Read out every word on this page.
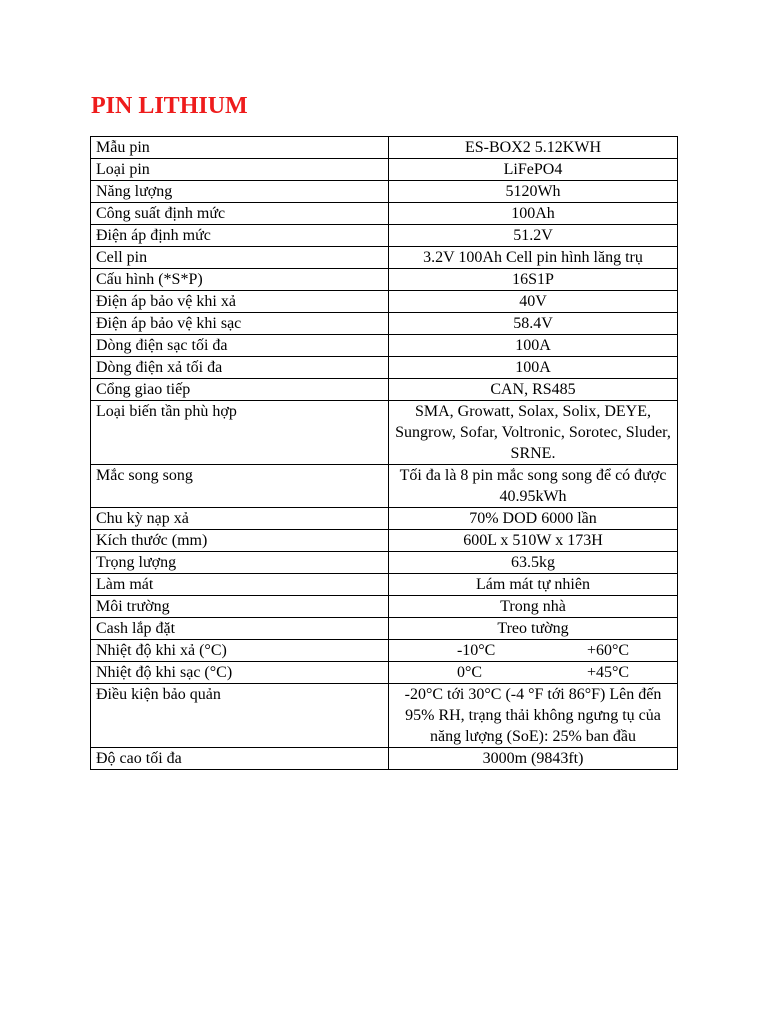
PIN LITHIUM
Mẫu pin	ES-BOX2 5.12KWH
Loại pin	LiFePO4
Năng lượng	5120Wh
Công suất định mức	100Ah
Điện áp định mức	51.2V
Cell pin	3.2V 100Ah Cell pin hình lăng trụ
Cấu hình (*S*P)	16S1P
Điện áp bảo vệ khi xả	40V
Điện áp bảo vệ khi sạc	58.4V
Dòng điện sạc tối đa	100A
Dòng điện xả tối đa	100A
Cổng giao tiếp	CAN, RS485
Loại biến tần phù hợp	SMA, Growatt, Solax, Solix, DEYE, Sungrow, Sofar, Voltronic, Sorotec, Sluder, SRNE.
Mắc song song	Tối đa là 8 pin mắc song song để có được 40.95kWh
Chu kỳ nạp xả	70% DOD 6000 lần
Kích thước (mm)	600L x 510W x 173H
Trọng lượng	63.5kg
Làm mát	Lám mát tự nhiên
Môi trường	Trong nhà
Cash lắp đặt	Treo tường
Nhiệt độ khi xả (°C)	-10°C +60°C
Nhiệt độ khi sạc (°C)	0°C +45°C
Điều kiện bảo quản	-20°C tới 30°C (-4 °F tới 86°F) Lên đến 95% RH, trạng thải không ngưng tụ của năng lượng (SoE): 25% ban đầu
Độ cao tối đa	3000m (9843ft)
